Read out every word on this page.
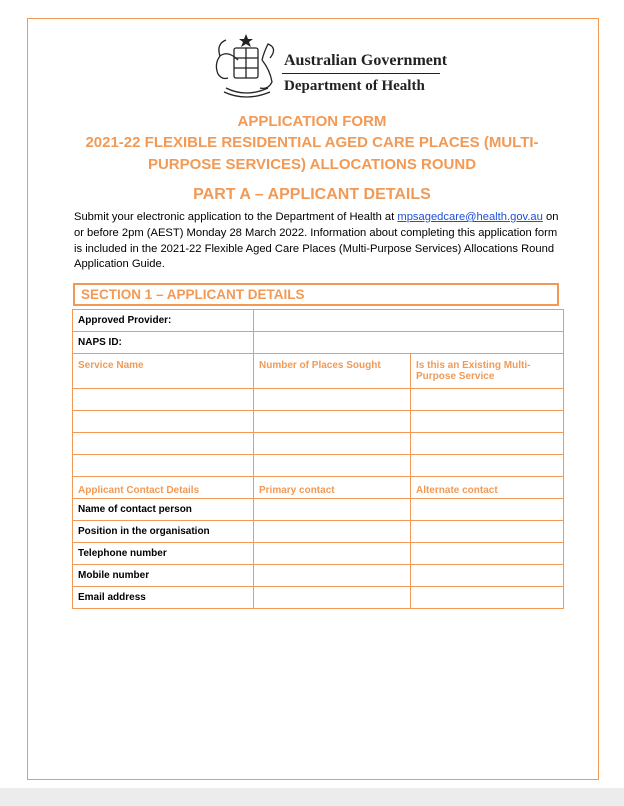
Australian Government
Department of Health
APPLICATION FORM
2021-22 FLEXIBLE RESIDENTIAL AGED CARE PLACES (MULTI-
PURPOSE SERVICES) ALLOCATIONS ROUND
PART A – APPLICANT DETAILS
Submit your electronic application to the Department of Health at mpsagedcare@health.gov.au on or before 2pm (AEST) Monday 28 March 2022. Information about completing this application form is included in the 2021-22 Flexible Aged Care Places (Multi-Purpose Services) Allocations Round Application Guide.
SECTION 1 – APPLICANT DETAILS
Approved Provider:		
NAPS ID:		
Service Name	Number of Places Sought	Is this an Existing Multi-Purpose Service

Applicant Contact Details	Primary contact	Alternate contact
Name of contact person		
Position in the organisation		
Telephone number		
Mobile number		
Email address		
